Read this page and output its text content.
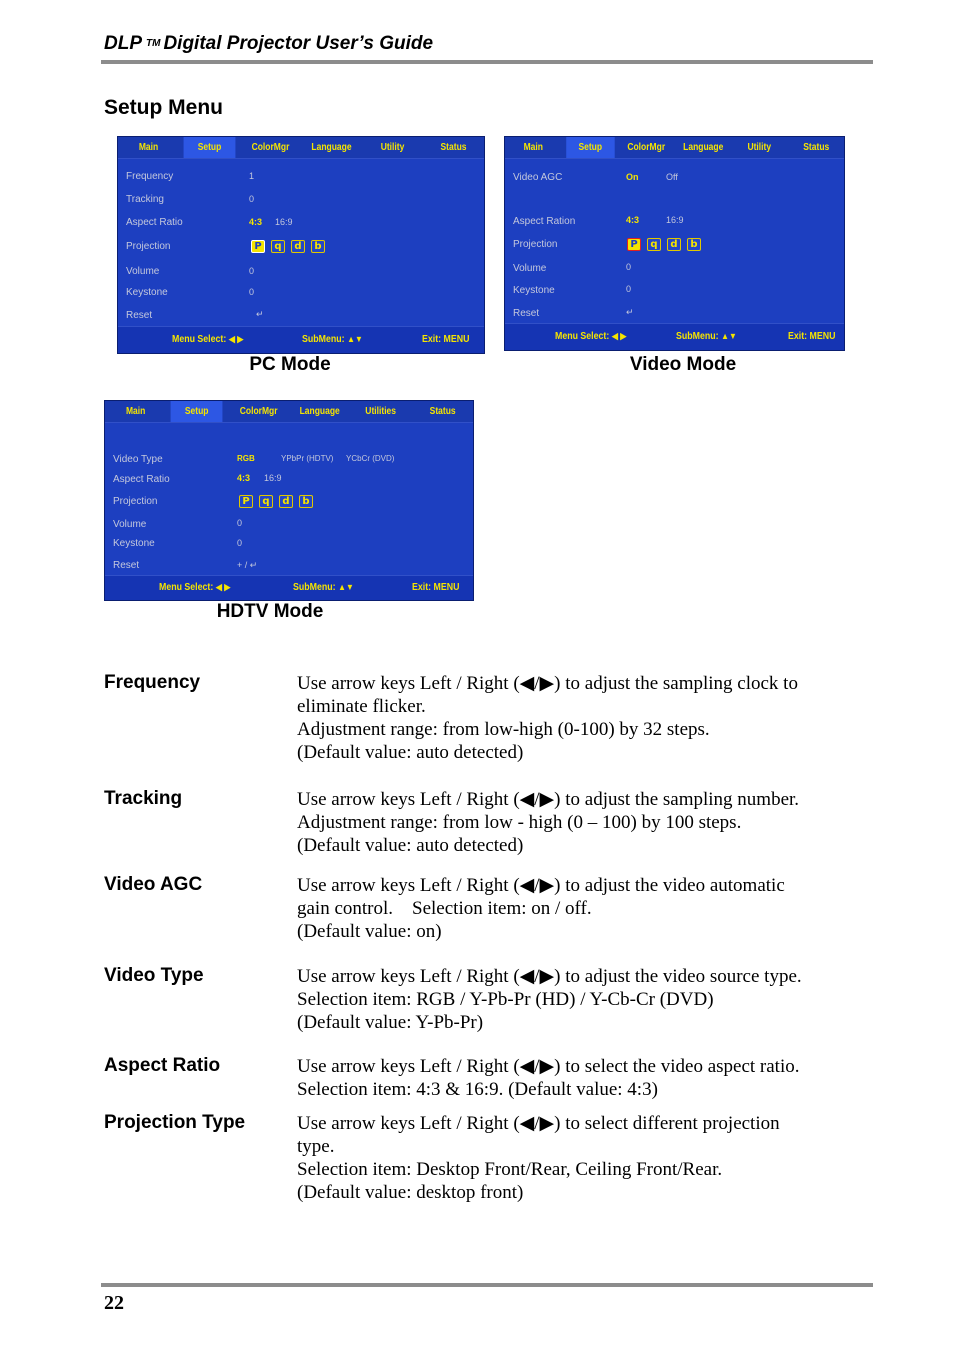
DLP TM Digital Projector User’s Guide
Setup Menu
Main	Setup	ColorMgr	Language	Utility	Status
Frequency	1
Tracking	0
Aspect Ratio	4:3 16:9
Projection	P	q	d	b
Volume	0
Keystone	0
Reset	↵
Menu Select: ◀ ▶	SubMenu: ▲▼	Exit: MENU
PC Mode
Main	Setup	ColorMgr	Language	Utility	Status
Video AGC	On	Off
Aspect Ration	4:3	16:9
Projection	P	q	d	b
Volume	0
Keystone	0
Reset	↵
Menu Select: ◀ ▶	SubMenu: ▲▼	Exit: MENU
Video Mode
Main	Setup	ColorMgr	Language	Utilities	Status
Video Type	RGB	YPbPr (HDTV) YCbCr (DVD)
Aspect Ratio	4:3 16:9
Projection	P	q	d	b
Volume	0
Keystone	0
Reset	+ / ↵
Menu Select: ◀ ▶	SubMenu: ▲▼	Exit: MENU
HDTV Mode
Frequency	Use arrow keys Left / Right (◀/▶) to adjust the sampling clock to
eliminate flicker.
Adjustment range: from low-high (0-100) by 32 steps.
(Default value: auto detected)
Tracking	Use arrow keys Left / Right (◀/▶) to adjust the sampling number.
Adjustment range: from low - high (0 – 100) by 100 steps.
(Default value: auto detected)
Video AGC	Use arrow keys Left / Right (◀/▶) to adjust the video automatic
gain control.    Selection item: on / off.
(Default value: on)
Video Type	Use arrow keys Left / Right (◀/▶) to adjust the video source type.
Selection item: RGB / Y-Pb-Pr (HD) / Y-Cb-Cr (DVD)
(Default value: Y-Pb-Pr)
Aspect Ratio	Use arrow keys Left / Right (◀/▶) to select the video aspect ratio.
Selection item: 4:3 & 16:9. (Default value: 4:3)
Projection Type	Use arrow keys Left / Right (◀/▶) to select different projection
type.
Selection item: Desktop Front/Rear, Ceiling Front/Rear.
(Default value: desktop front)
22
